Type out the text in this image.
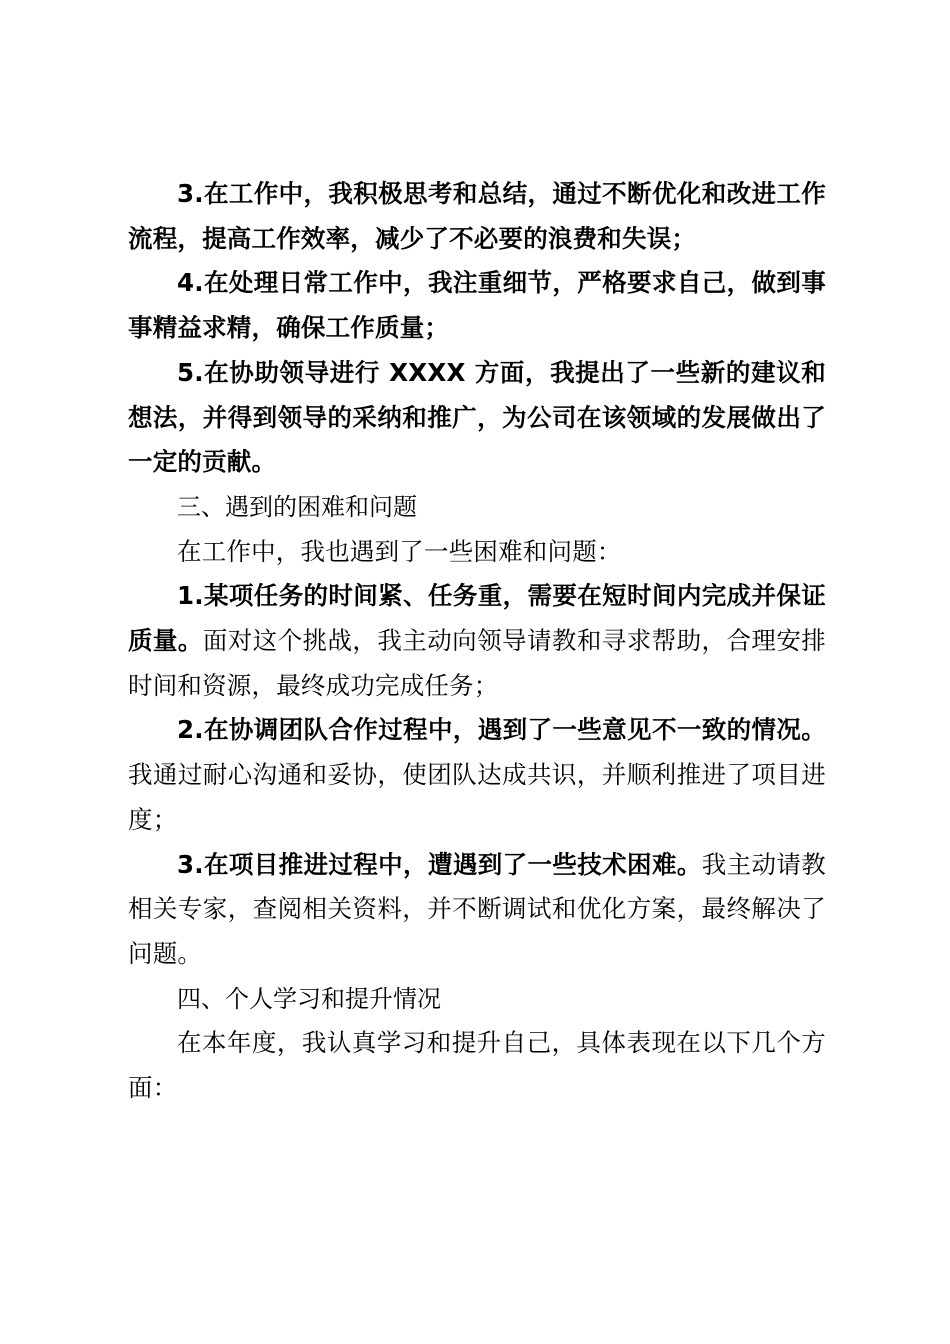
3.在工作中，我积极思考和总结，通过不断优化和改进工作流程，提高工作效率，减少了不必要的浪费和失误；

4.在处理日常工作中，我注重细节，严格要求自己，做到事事精益求精，确保工作质量；

5.在协助领导进行 XXXX 方面，我提出了一些新的建议和想法，并得到领导的采纳和推广，为公司在该领域的发展做出了一定的贡献。

三、遇到的困难和问题

在工作中，我也遇到了一些困难和问题：

1.某项任务的时间紧、任务重，需要在短时间内完成并保证质量。面对这个挑战，我主动向领导请教和寻求帮助，合理安排时间和资源，最终成功完成任务；

2.在协调团队合作过程中，遇到了一些意见不一致的情况。我通过耐心沟通和妥协，使团队达成共识，并顺利推进了项目进度；

3.在项目推进过程中，遭遇到了一些技术困难。我主动请教相关专家，查阅相关资料，并不断调试和优化方案，最终解决了问题。

四、个人学习和提升情况

在本年度，我认真学习和提升自己，具体表现在以下几个方面：
